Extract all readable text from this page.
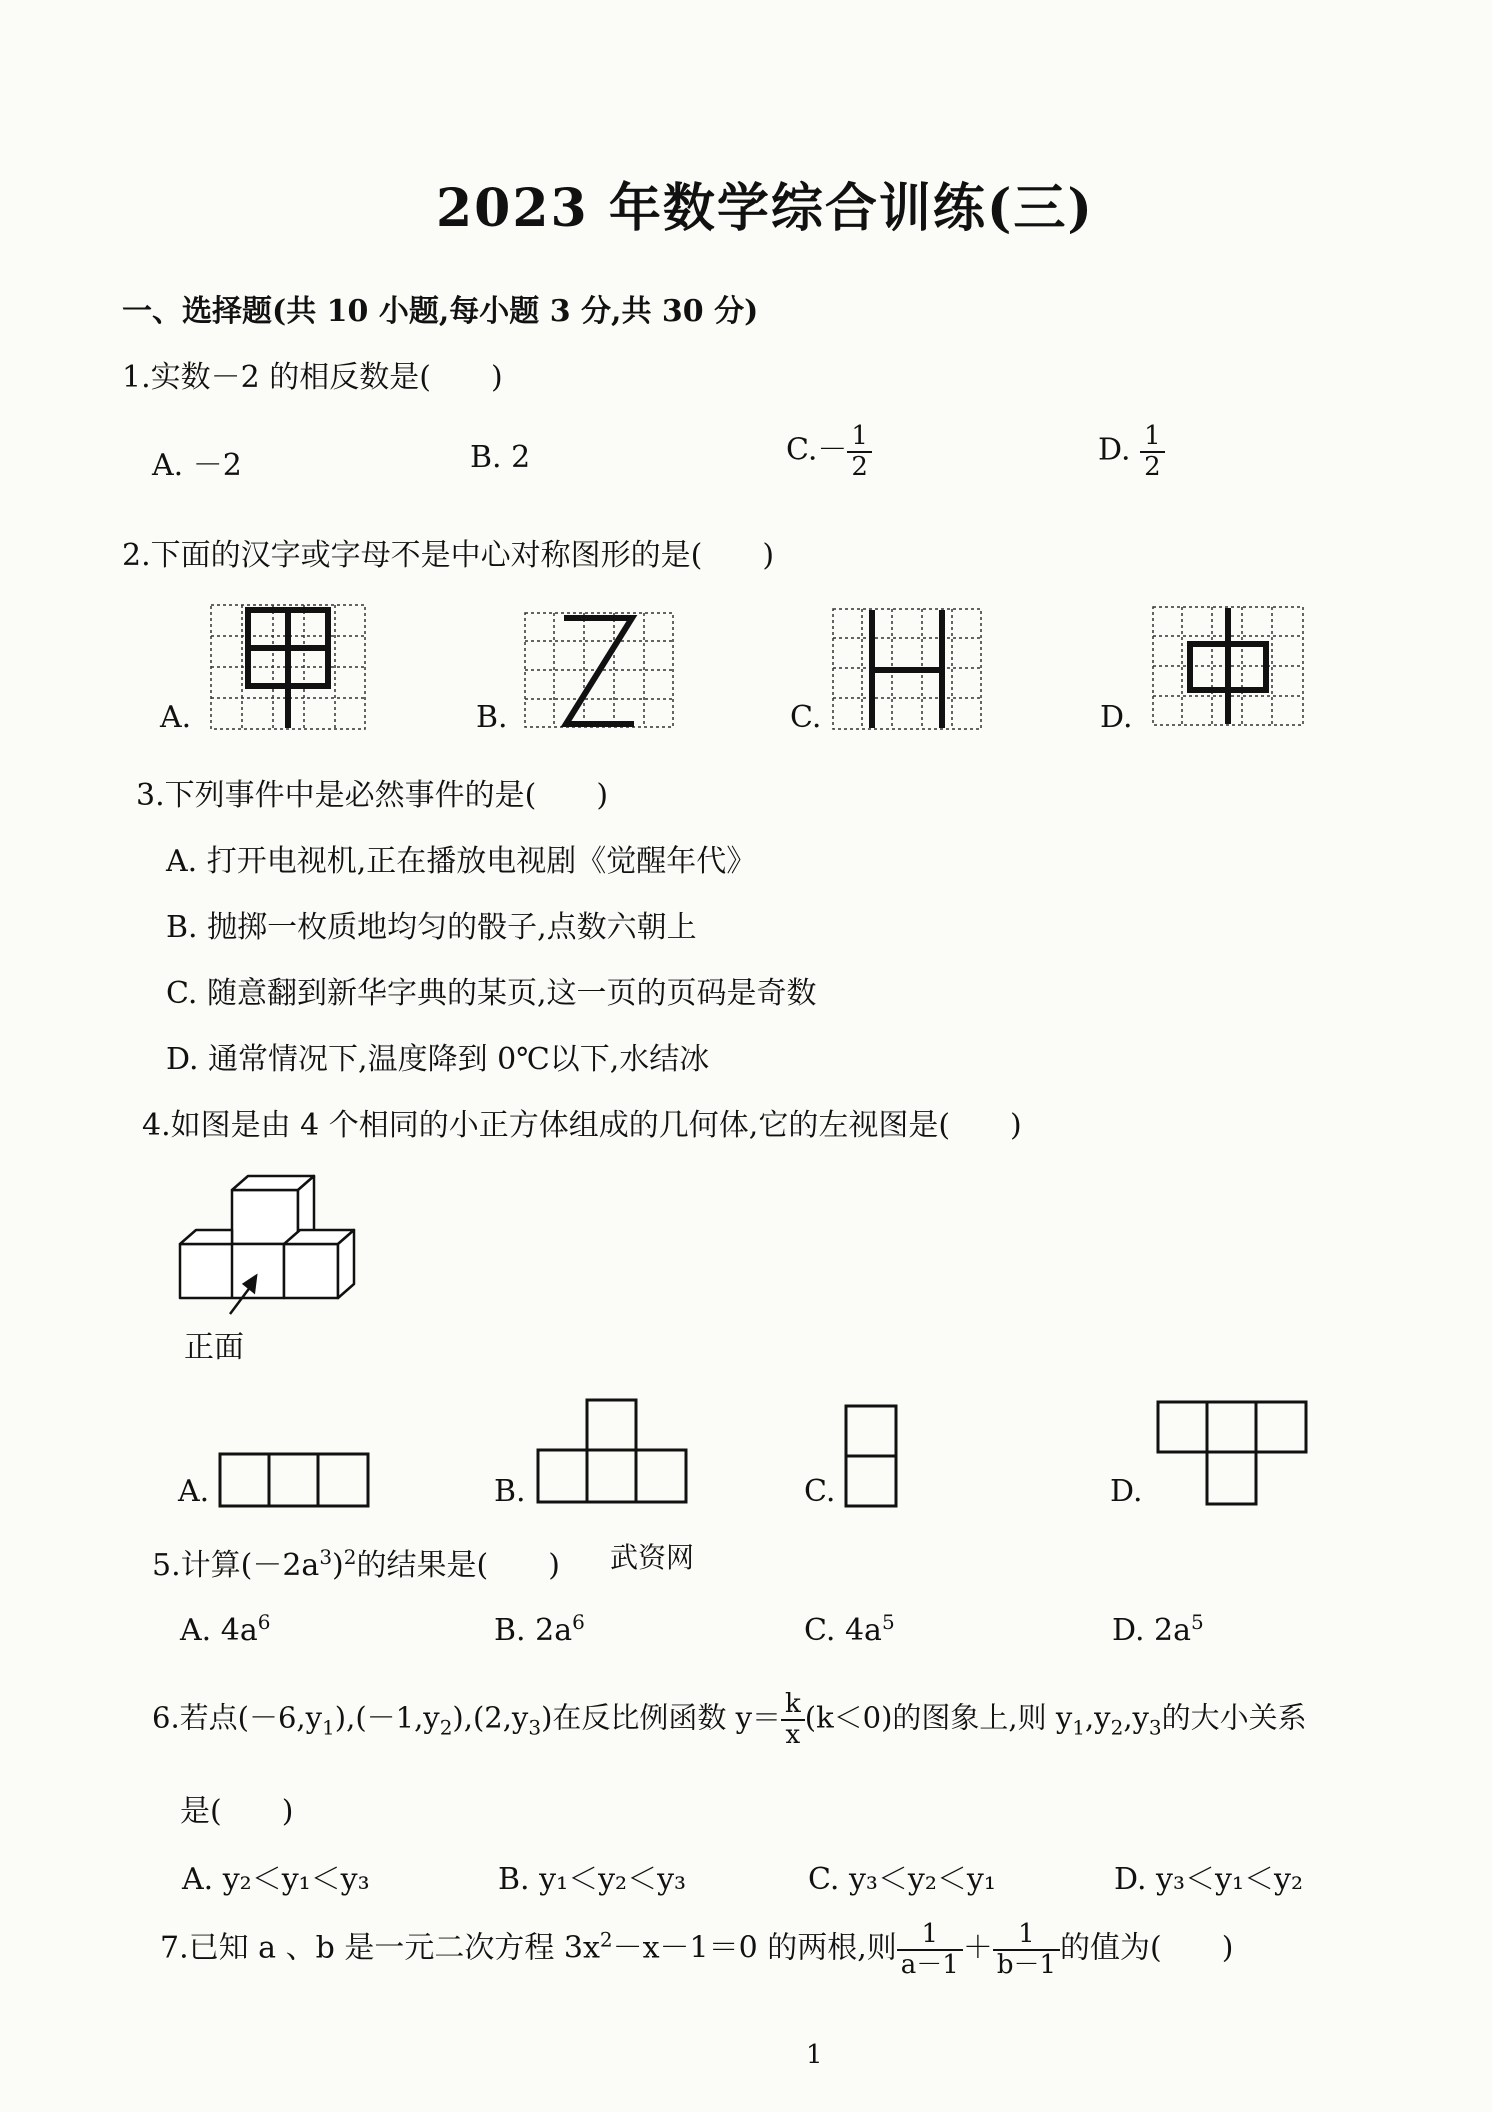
2023 年数学综合训练(三)
一、选择题(共 10 小题,每小题 3 分,共 30 分)
1.实数－2 的相反数是(　　)
A. －2	B. 2	$C.- \frac{1}{2}$	D. $\frac{1}{2}$
2.下面的汉字或字母不是中心对称图形的是(　　)
A.	B.	C.	D.
3.下列事件中是必然事件的是(　　)
A. 打开电视机,正在播放电视剧《觉醒年代》
B. 抛掷一枚质地均匀的骰子,点数六朝上
C. 随意翻到新华字典的某页,这一页的页码是奇数
D. 通常情况下,温度降到 0℃以下,水结冰
4.如图是由 4 个相同的小正方体组成的几何体,它的左视图是(　　)
正面
A.	B.	C.	D.
5.计算$(-2a^3)^2$的结果是(　　) 武资网
A. $4a^6$	B. $2a^6$	C. $4a^5$	D. $2a^5$
6.若点$(-6,y_1),(-1,y_2),(2,y_3)$在反比例函数 $y= \frac{k}{x} (k<0)$的图象上,则 $y_1,y_2,y_3$的大小关系
是(　　)
A. y₂＜y₁＜y₃	B. y₁＜y₂＜y₃	C. y₃＜y₂＜y₁	D. y₃＜y₁＜y₂
7.已知 a 、b 是一元二次方程 $3x^2-x-1=0$ 的两根,则 $\frac{1}{a-1} + \frac{1}{b-1}$ 的值为(　　)
1
